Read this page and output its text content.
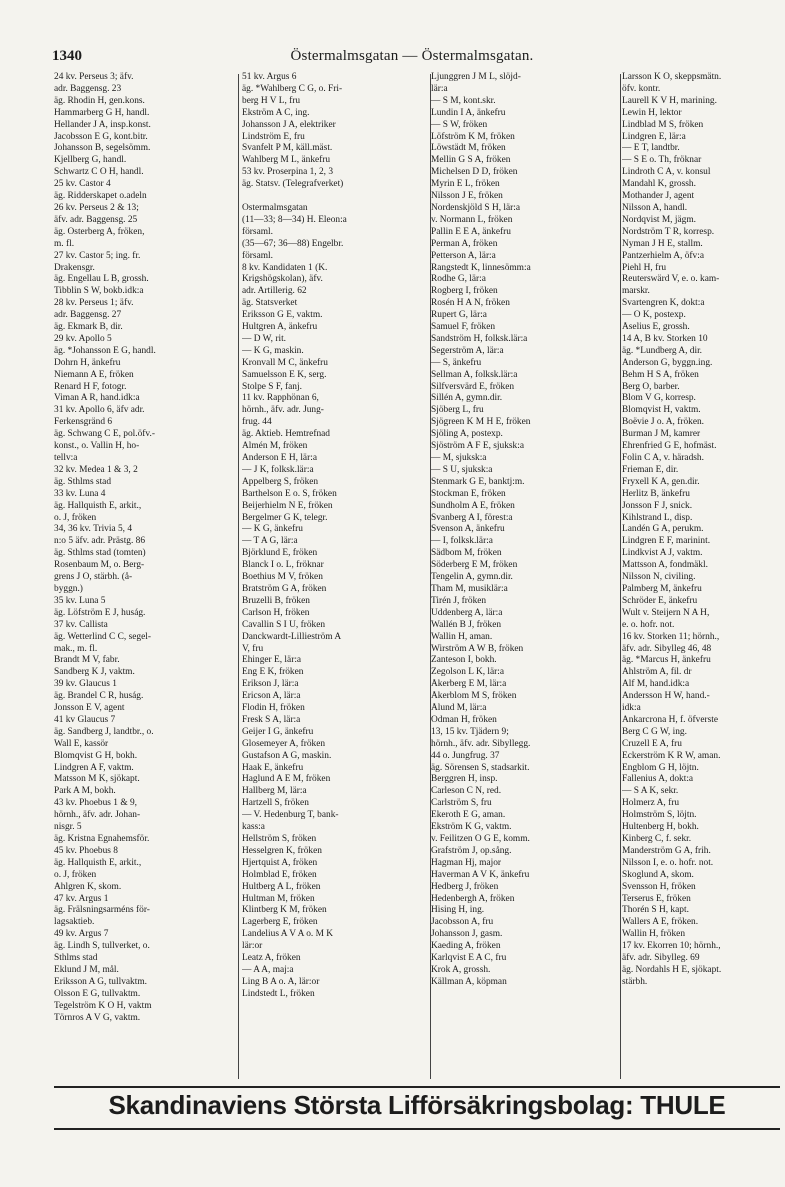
1340	Östermalmsgatan — Östermalmsgatan.
24 kv. Perseus 3; äfv.
adr. Baggensg. 23
äg. Rhodin H, gen.kons.
Hammarberg G H, handl.
Hellander J A, insp.konst.
Jacobsson E G, kont.bitr.
Johansson B, segelsömm.
Kjellberg G, handl.
Schwartz C O H, handl.
25 kv. Castor 4
äg. Ridderskapet o.adeln
26 kv. Perseus 2 & 13;
äfv. adr. Baggensg. 25
äg. Österberg A, fröken,
m. fl.
27 kv. Castor 5; ing. fr.
Drakensgr.
äg. Engellau L B, grossh.
Tibblin S W, bokb.idk:a
28 kv. Perseus 1; äfv.
adr. Baggensg. 27
äg. Ekmark B, dir.
29 kv. Apollo 5
äg. *Johansson E G, handl.
Dohrn H, änkefru
Niemann A E, fröken
Renard H F, fotogr.
Viman A R, hand.idk:a
31 kv. Apollo 6, äfv adr.
Ferkensgränd 6
äg. Schwang C E, pol.öfv.-
konst., o. Vallin H, ho-
tellv:a
32 kv. Medea 1 & 3, 2
äg. Sthlms stad
33 kv. Luna 4
äg. Hallquisth E, arkit.,
o. J, fröken
34, 36 kv. Trivia 5, 4
n:o 5 äfv. adr. Prästg. 86
äg. Sthlms stad (tomten)
Rosenbaum M, o. Berg-
grens J O, stärbh. (å-
byggn.)
35 kv. Luna 5
äg. Löfström E J, huság.
37 kv. Callista
äg. Wetterlind C C, segel-
mak., m. fl.
Brandt M V, fabr.
Sandberg K J, vaktm.
39 kv. Glaucus 1
äg. Brandel C R, huság.
Jonsson E V, agent
41 kv Glaucus 7
äg. Sandberg J, landtbr., o.
Wall E, kassör
Blomqvist G H, bokh.
Lindgren A F, vaktm.
Matsson M K, sjökapt.
Park A M, bokh.
43 kv. Phoebus 1 & 9,
hörnh., äfv. adr. Johan-
nisgr. 5
äg. Kristna Egnahemsför.
45 kv. Phoebus 8
äg. Hallquisth E, arkit.,
o. J, fröken
Ahlgren K, skom.
47 kv. Argus 1
äg. Frälsningsarméns för-
lagsaktieb.
49 kv. Argus 7
äg. Lindh S, tullverket, o.
Sthlms stad
Eklund J M, mål.
Eriksson A G, tullvaktm.
Olsson E G, tullvaktm.
Tegelström K O H, vaktm
Törnros A V G, vaktm.
51 kv. Argus 6
äg. *Wahlberg C G, o. Fri-
berg H V L, fru
Ekström A C, ing.
Johansson J A, elektriker
Lindström E, fru
Svanfelt P M, käll.mäst.
Wahlberg M L, änkefru
53 kv. Proserpina 1, 2, 3
äg. Statsv. (Telegrafverket)

Östermalmsgatan
(11—33; 8—34) H. Eleon:a
församl.
(35—67; 36—88) Engelbr.
församl.
8 kv. Kandidaten 1 (K.
Krigshögskolan), äfv.
adr. Artillerig. 62
äg. Statsverket
Eriksson G E, vaktm.
Hultgren A, änkefru
— D W, rit.
— K G, maskin.
Kronvall M C, änkefru
Samuelsson E K, serg.
Stolpe S F, fanj.
11 kv. Rapphönan 6,
hörnh., äfv. adr. Jung-
frug. 44
äg. Aktieb. Hemtrefnad
Almén M, fröken
Anderson E H, lär:a
— J K, folksk.lär:a
Appelberg S, fröken
Barthelson E o. S, fröken
Beijerhielm N E, fröken
Bergelmer G K, telegr.
— K G, änkefru
— T A G, lär:a
Björklund E, fröken
Blanck I o. L, fröknar
Boethius M V, fröken
Bratström G A, fröken
Bruzelli B, fröken
Carlson H, fröken
Cavallin S I U, fröken
Danckwardt-Lillieström A
V, fru
Ehinger E, lär:a
Eng E K, fröken
Erikson J, lär:a
Ericson A, lär:a
Flodin H, fröken
Fresk S A, lär:a
Geijer I G, änkefru
Glosemeyer A, fröken
Gustafson A G, maskin.
Haak E, änkefru
Haglund A E M, fröken
Hallberg M, lär:a
Hartzell S, fröken
— V. Hedenburg T, bank-
kass:a
Hellström S, fröken
Hesselgren K, fröken
Hjertquist A, fröken
Holmblad E, fröken
Hultberg A L, fröken
Hultman M, fröken
Klintberg K M, fröken
Lagerberg E, fröken
Landelius A V A o. M K
lär:or
Leatz A, fröken
— A A, maj:a
Ling B A o. A, lär:or
Lindstedt L, fröken
Ljunggren J M L, slöjd-
lär:a
— S M, kont.skr.
Lundin I A, änkefru
— S W, fröken
Löfström K M, fröken
Löwstädt M, fröken
Mellin G S A, fröken
Michelsen D D, fröken
Myrin E L, fröken
Nilsson J E, fröken
Nordenskjöld S H, lär:a
v. Normann L, fröken
Pallin E E A, änkefru
Perman A, fröken
Petterson A, lär:a
Rangstedt K, linnesömm:a
Rodhe G, lär:a
Rogberg I, fröken
Rosén H A N, fröken
Rupert G, lär:a
Samuel F, fröken
Sandström H, folksk.lär:a
Segerström A, lär:a
— S, änkefru
Sellman A, folksk.lär:a
Silfversvärd E, fröken
Sillén A, gymn.dir.
Sjöberg L, fru
Sjögreen K M H E, fröken
Sjöling A, postexp.
Sjöström A F E, sjuksk:a
— M, sjuksk:a
— S U, sjuksk:a
Stenmark G E, banktj:m.
Stockman E, fröken
Sundholm A E, fröken
Svanberg A I, förest:a
Svenson A, änkefru
— I, folksk.lär:a
Sädbom M, fröken
Söderberg E M, fröken
Tengelin A, gymn.dir.
Tham M, musiklär:a
Tirén J, fröken
Uddenberg A, lär:a
Wallén B J, fröken
Wallin H, aman.
Wirström A W B, fröken
Zanteson I, bokh.
Zegolson L K, lär:a
Åkerberg E M, lär:a
Åkerblom M S, fröken
Ålund M, lär:a
Ödman H, fröken
13, 15 kv. Tjädern 9;
hörnh., äfv. adr. Sibyllegg.
44 o. Jungfrug. 37
äg. Sörensen S, stadsarkit.
Berggren H, insp.
Carleson C N, red.
Carlström S, fru
Ekeroth E G, aman.
Ekström K G, vaktm.
v. Feilitzen O G E, komm.
Grafström J, op.sång.
Hagman Hj, major
Haverman A V K, änkefru
Hedberg J, fröken
Hedenbergh A, fröken
Hising H, ing.
Jacobsson A, fru
Johansson J, gasm.
Kaeding A, fröken
Karlqvist E A C, fru
Krok A, grossh.
Källman A, köpman
Larsson K O, skeppsmätn.
öfv. kontr.
Laurell K V H, marining.
Lewin H, lektor
Lindblad M S, fröken
Lindgren E, lär:a
— E T, landtbr.
— S E o. Th, fröknar
Lindroth C A, v. konsul
Mandahl K, grossh.
Mothander J, agent
Nilsson A, handl.
Nordqvist M, jägm.
Nordström T R, korresp.
Nyman J H E, stallm.
Pantzerhielm A, öfv:a
Piehl H, fru
Reuterswärd V, e. o. kam-
marskr.
Svartengren K, dokt:a
— O K, postexp.
Åselius E, grossh.
14 A, B kv. Storken 10
äg. *Lundberg A, dir.
Anderson G, byggn.ing.
Behm H S A, fröken
Berg O, barber.
Blom V G, korresp.
Blomqvist H, vaktm.
Boëvie J o. A, fröken.
Burman J M, kamrer
Ehrenfried G E, hofmäst.
Folin C A, v. häradsh.
Frieman E, dir.
Fryxell K A, gen.dir.
Herlitz B, änkefru
Jonsson F J, snick.
Kihlstrand L, disp.
Landén G A, perukm.
Lindgren E F, marinint.
Lindkvist A J, vaktm.
Mattsson A, fondmäkl.
Nilsson N, civiling.
Palmberg M, änkefru
Schröder E, änkefru
Wult v. Steijern N A H,
e. o. hofr. not.
16 kv. Storken 11; hörnh.,
äfv. adr. Sibylleg 46, 48
äg. *Marcus H, änkefru
Ahlström A, fil. dr
Alf M, hand.idk:a
Andersson H W, hand.-
idk:a
Ankarcrona H, f. öfverste
Berg C G W, ing.
Cruzell E A, fru
Eckerström K R W, aman.
Engblom G H, löjtn.
Fallenius A, dokt:a
— S A K, sekr.
Holmerz A, fru
Holmström S, löjtn.
Hultenberg H, bokh.
Kinberg C, f. sekr.
Manderström G A, frih.
Nilsson I, e. o. hofr. not.
Skoglund A, skom.
Svensson H, fröken
Terserus E, fröken
Thorén S H, kapt.
Wallers A E, fröken.
Wallin H, fröken
17 kv. Ekorren 10; hörnh.,
äfv. adr. Sibylleg. 69
äg. Nordahls H E, sjökapt.
stärbh.
Skandinaviens Största Lifförsäkringsbolag: THULE
